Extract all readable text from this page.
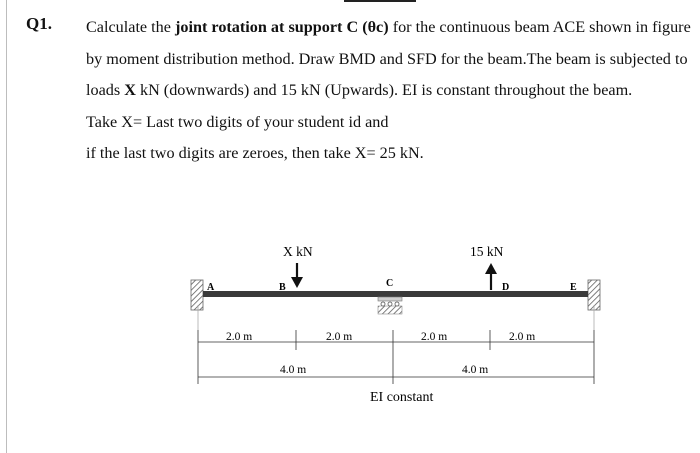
Q1. Calculate the joint rotation at support C (θc) for the continuous beam ACE shown in figure by moment distribution method. Draw BMD and SFD for the beam.The beam is subjected to loads X kN (downwards) and 15 kN (Upwards). EI is constant throughout the beam.

Take X= Last two digits of your student id and

if the last two digits are zeroes, then take X= 25 kN.

A	B	C	D	E
X kN	15 kN
2.0 m	2.0 m	2.0 m	2.0 m
4.0 m	4.0 m
EI constant
